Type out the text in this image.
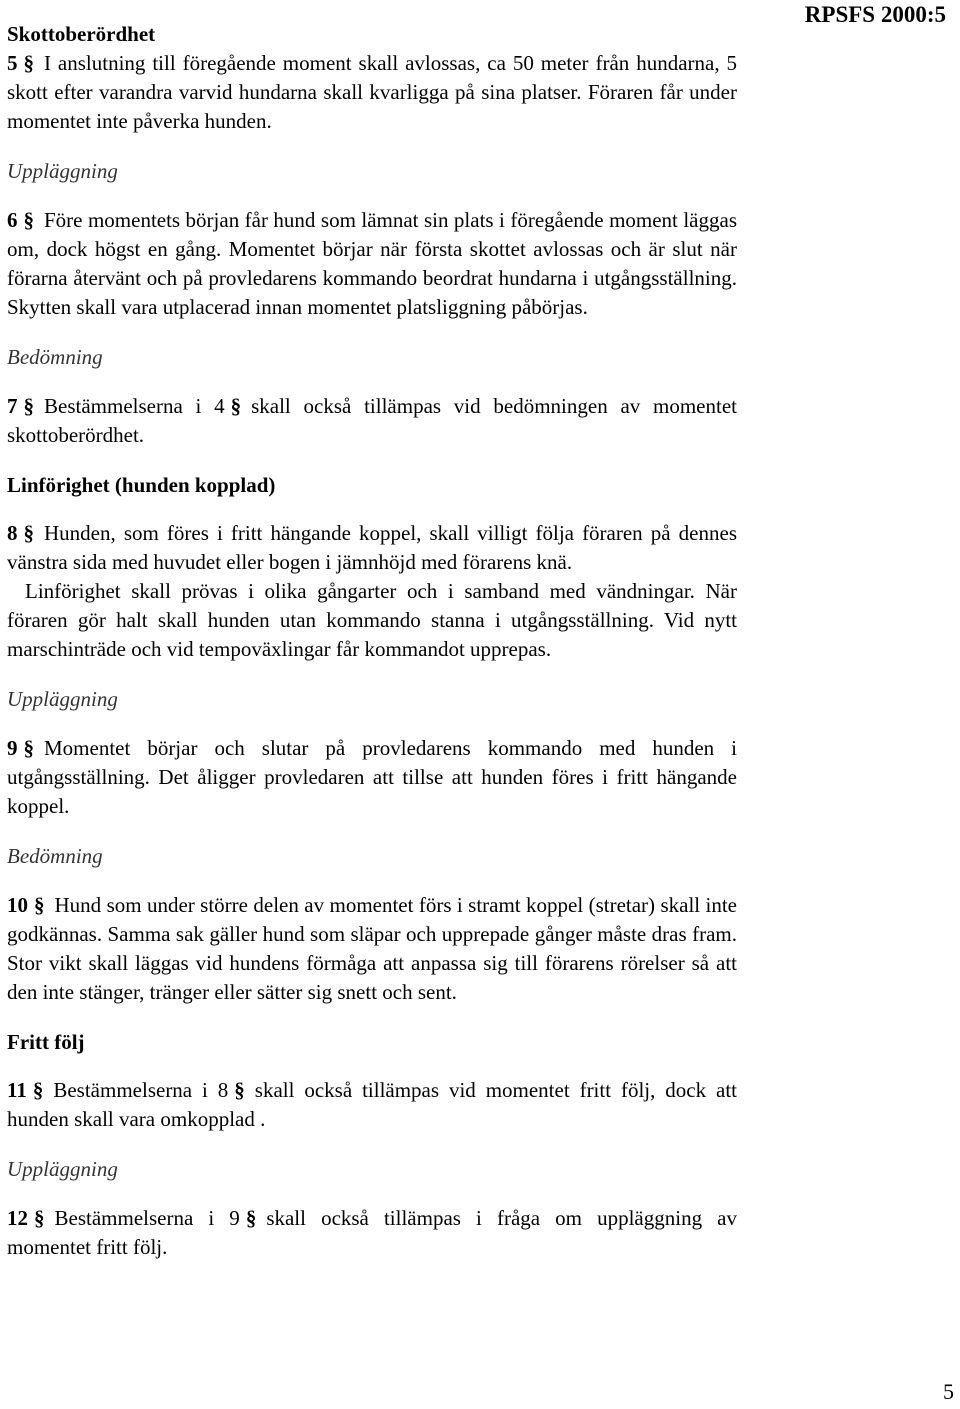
RPSFS 2000:5

Skottoberördhet

5 § I anslutning till föregående moment skall avlossas, ca 50 meter från hundarna, 5 skott efter varandra varvid hundarna skall kvarligga på sina platser. Föraren får under momentet inte påverka hunden.

Uppläggning

6 § Före momentets början får hund som lämnat sin plats i föregående moment läggas om, dock högst en gång. Momentet börjar när första skottet avlossas och är slut när förarna återvänt och på provledarens kommando beordrat hundarna i utgångsställning. Skytten skall vara utplacerad innan momentet platsliggning påbörjas.

Bedömning

7 § Bestämmelserna i 4 § skall också tillämpas vid bedömningen av momentet skottoberördhet.

Linförighet (hunden kopplad)

8 § Hunden, som föres i fritt hängande koppel, skall villigt följa föraren på dennes vänstra sida med huvudet eller bogen i jämnhöjd med förarens knä.

Linförighet skall prövas i olika gångarter och i samband med vändningar. När föraren gör halt skall hunden utan kommando stanna i utgångsställning. Vid nytt marschinträde och vid tempoväxlingar får kommandot upprepas.

Uppläggning

9 § Momentet börjar och slutar på provledarens kommando med hunden i utgångsställning. Det åligger provledaren att tillse att hunden föres i fritt hängande koppel.

Bedömning

10 § Hund som under större delen av momentet förs i stramt koppel (stretar) skall inte godkännas. Samma sak gäller hund som släpar och upprepade gånger måste dras fram. Stor vikt skall läggas vid hundens förmåga att anpassa sig till förarens rörelser så att den inte stänger, tränger eller sätter sig snett och sent.

Fritt följ

11 § Bestämmelserna i 8 § skall också tillämpas vid momentet fritt följ, dock att hunden skall vara omkopplad .

Uppläggning

12 § Bestämmelserna i 9 § skall också tillämpas i fråga om uppläggning av momentet fritt följ.

5
